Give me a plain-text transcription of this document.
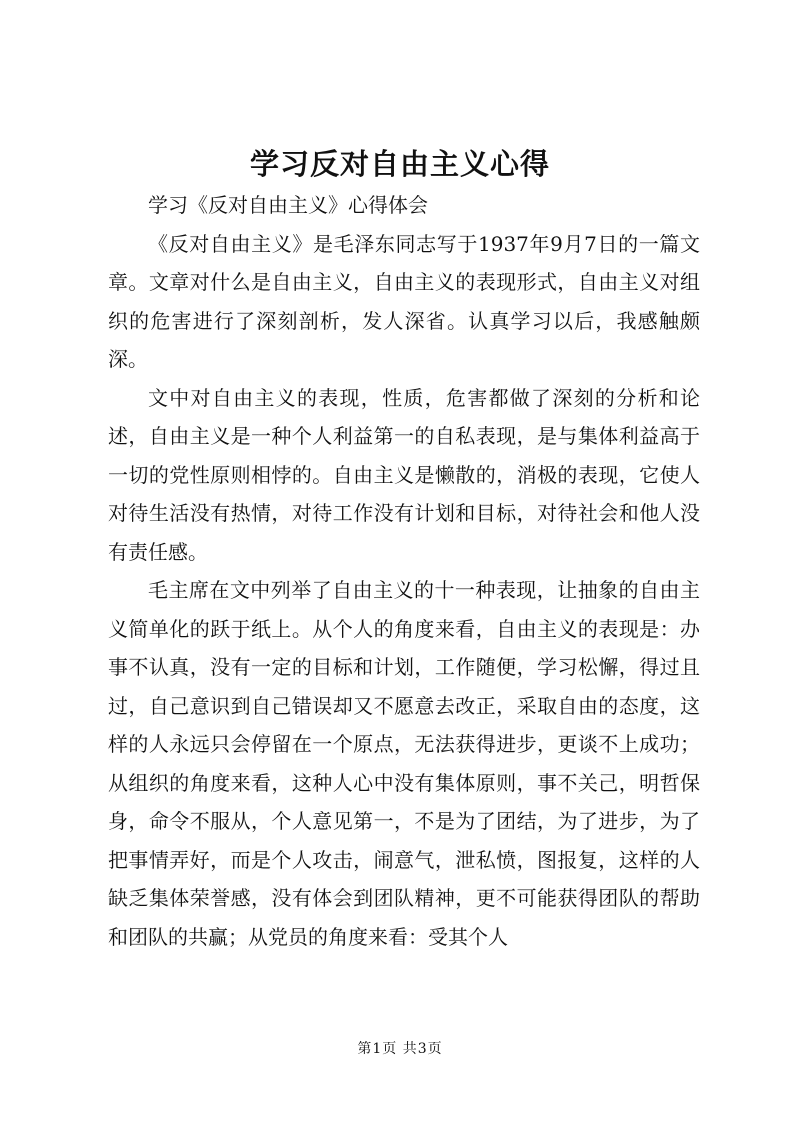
学习反对自由主义心得

学习《反对自由主义》心得体会

《反对自由主义》是毛泽东同志写于1937年9月7日的一篇文章。文章对什么是自由主义，自由主义的表现形式，自由主义对组织的危害进行了深刻剖析，发人深省。认真学习以后，我感触颇深。

文中对自由主义的表现，性质，危害都做了深刻的分析和论述，自由主义是一种个人利益第一的自私表现，是与集体利益高于一切的党性原则相悖的。自由主义是懒散的，消极的表现，它使人对待生活没有热情，对待工作没有计划和目标，对待社会和他人没有责任感。

毛主席在文中列举了自由主义的十一种表现，让抽象的自由主义简单化的跃于纸上。从个人的角度来看，自由主义的表现是：办事不认真，没有一定的目标和计划，工作随便，学习松懈，得过且过，自己意识到自己错误却又不愿意去改正，采取自由的态度，这样的人永远只会停留在一个原点，无法获得进步，更谈不上成功；从组织的角度来看，这种人心中没有集体原则，事不关己，明哲保身，命令不服从，个人意见第一，不是为了团结，为了进步，为了把事情弄好，而是个人攻击，闹意气，泄私愤，图报复，这样的人缺乏集体荣誉感，没有体会到团队精神，更不可能获得团队的帮助和团队的共赢；从党员的角度来看：受其个人

第1页 共3页
